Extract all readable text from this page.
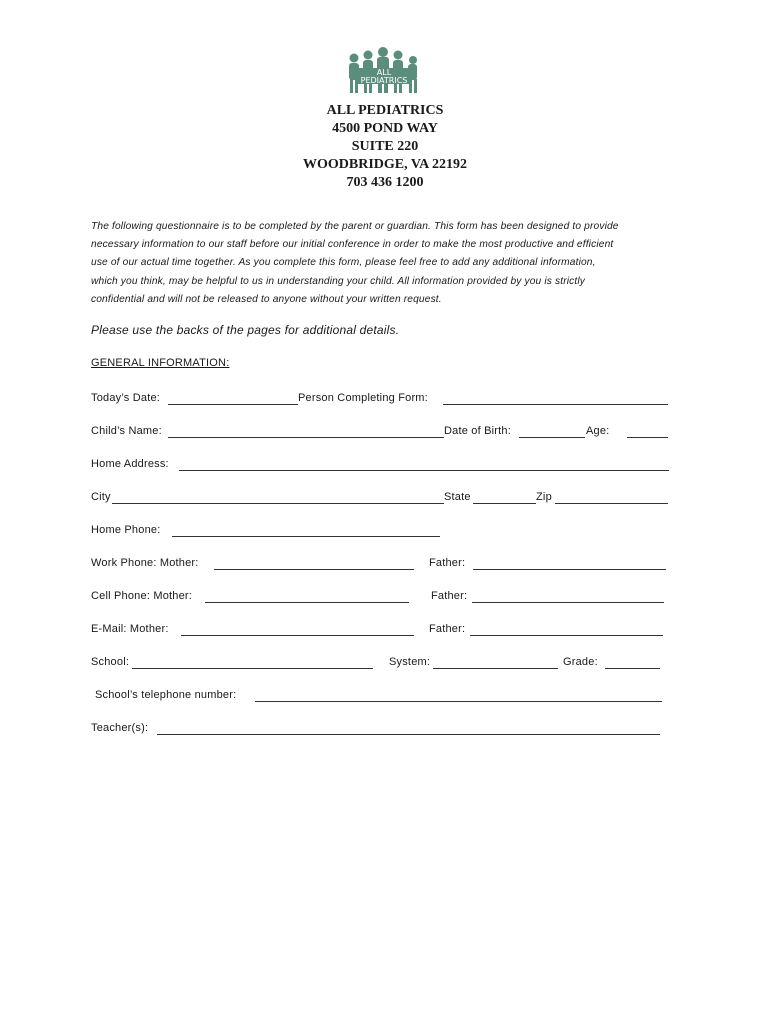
ALL
PEDIATRICS
ALL PEDIATRICS
4500 POND WAY
SUITE 220
WOODBRIDGE, VA 22192
703 436 1200
The following questionnaire is to be completed by the parent or guardian. This form has been designed to provide
necessary information to our staff before our initial conference in order to make the most productive and efficient
use of our actual time together. As you complete this form, please feel free to add any additional information,
which you think, may be helpful to us in understanding your child. All information provided by you is strictly
confidential and will not be released to anyone without your written request.
Please use the backs of the pages for additional details.
GENERAL INFORMATION:
Today’s Date:	Person Completing Form:
Child’s Name:	Date of Birth:	Age:
Home Address:
City	State	Zip
Home Phone:
Work Phone: Mother:	Father:
Cell Phone: Mother:	Father:
E-Mail: Mother:	Father:
School:	System:	Grade:
School’s telephone number:
Teacher(s):
